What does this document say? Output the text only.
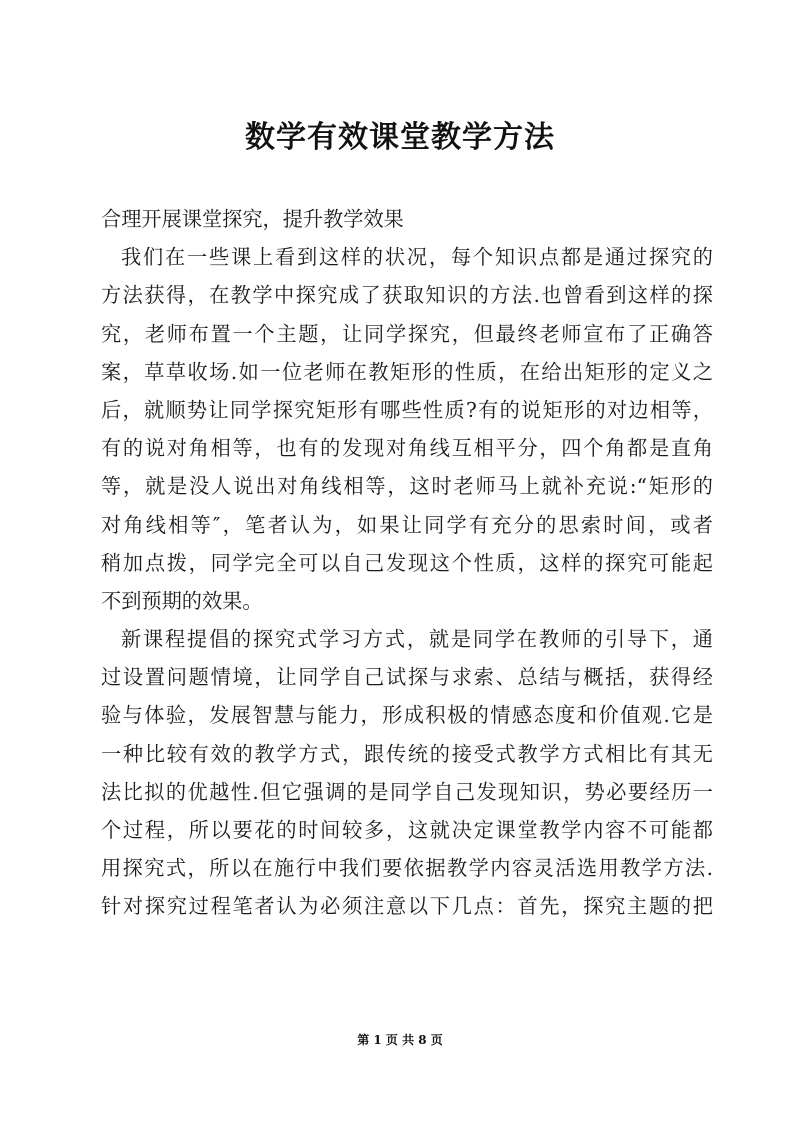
数学有效课堂教学方法
合理开展课堂探究，提升教学效果
我们在一些课上看到这样的状况，每个知识点都是通过探究的
方法获得，在教学中探究成了获取知识的方法.也曾看到这样的探
究，老师布置一个主题，让同学探究，但最终老师宣布了正确答
案，草草收场.如一位老师在教矩形的性质，在给出矩形的定义之
后，就顺势让同学探究矩形有哪些性质?有的说矩形的对边相等，
有的说对角相等，也有的发现对角线互相平分，四个角都是直角
等，就是没人说出对角线相等，这时老师马上就补充说:“矩形的
对角线相等″，笔者认为，如果让同学有充分的思索时间，或者
稍加点拨，同学完全可以自己发现这个性质，这样的探究可能起
不到预期的效果。
新课程提倡的探究式学习方式，就是同学在教师的引导下，通
过设置问题情境，让同学自己试探与求索、总结与概括，获得经
验与体验，发展智慧与能力，形成积极的情感态度和价值观.它是
一种比较有效的教学方式，跟传统的接受式教学方式相比有其无
法比拟的优越性.但它强调的是同学自己发现知识，势必要经历一
个过程，所以要花的时间较多，这就决定课堂教学内容不可能都
用探究式，所以在施行中我们要依据教学内容灵活选用教学方法.
针对探究过程笔者认为必须注意以下几点：首先，探究主题的把
第 1 页 共 8 页
